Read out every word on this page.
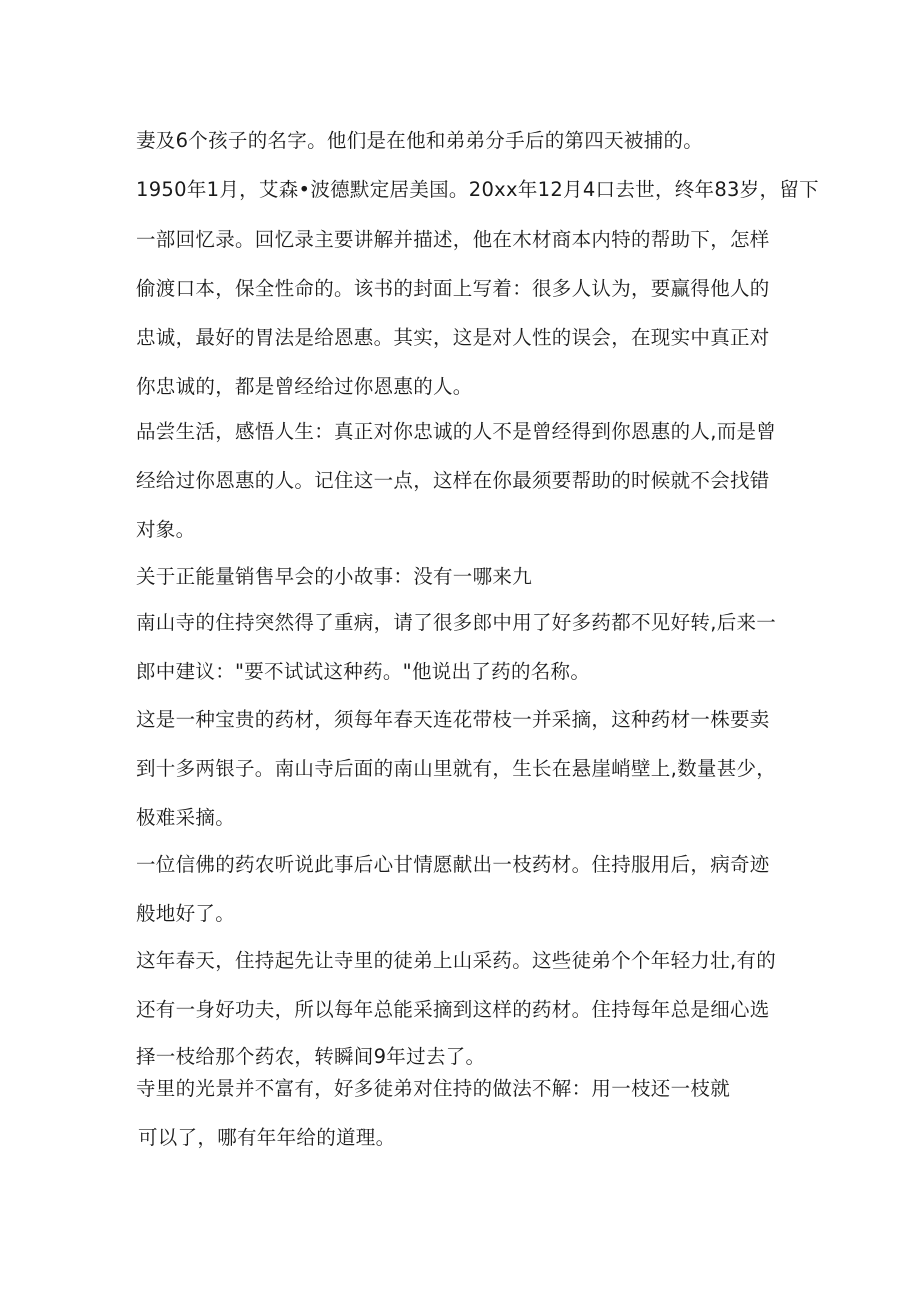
妻及6个孩子的名字。他们是在他和弟弟分手后的第四天被捕的。
1950年1月，艾森•波德默定居美国。20xx年12月4口去世，终年83岁，留下
一部回忆录。回忆录主要讲解并描述，他在木材商本内特的帮助下，怎样
偷渡口本，保全性命的。该书的封面上写着：很多人认为，要赢得他人的
忠诚，最好的胃法是给恩惠。其实，这是对人性的误会，在现实中真正对
你忠诚的，都是曾经给过你恩惠的人。
品尝生活，感悟人生：真正对你忠诚的人不是曾经得到你恩惠的人,而是曾
经给过你恩惠的人。记住这一点，这样在你最须要帮助的时候就不会找错
对象。
关于正能量销售早会的小故事：没有一哪来九
南山寺的住持突然得了重病，请了很多郎中用了好多药都不见好转,后来一
郎中建议："要不试试这种药。"他说出了药的名称。
这是一种宝贵的药材，须每年春天连花带枝一并采摘，这种药材一株要卖
到十多两银子。南山寺后面的南山里就有，生长在悬崖峭壁上,数量甚少，
极难采摘。
一位信佛的药农听说此事后心甘情愿献出一枝药材。住持服用后，病奇迹
般地好了。
这年春天，住持起先让寺里的徒弟上山采药。这些徒弟个个年轻力壮,有的
还有一身好功夫，所以每年总能采摘到这样的药材。住持每年总是细心选
择一枝给那个药农，转瞬间9年过去了。
寺里的光景并不富有，好多徒弟对住持的做法不解：用一枝还一枝就
可以了，哪有年年给的道理。
